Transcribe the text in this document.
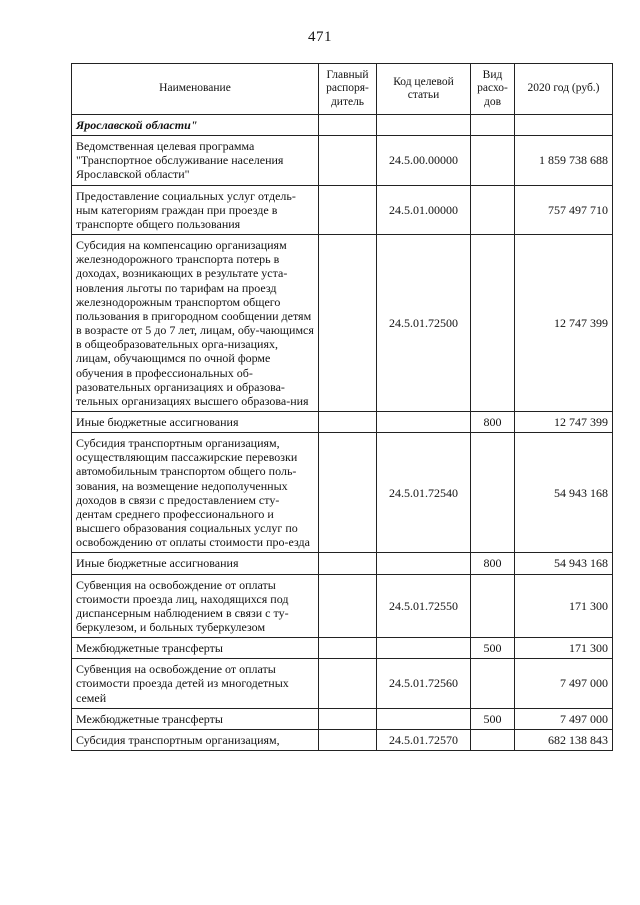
471
Наименование	Главный распоря-дитель	Код целевой статьи	Вид расхо-дов	2020 год (руб.)
Ярославской области"				
Ведомственная целевая программа "Транспортное обслуживание населения Ярославской области"		24.5.00.00000		1 859 738 688
Предоставление социальных услуг отдель-ным категориям граждан при проезде в транспорте общего пользования		24.5.01.00000		757 497 710
Субсидия на компенсацию организациям железнодорожного транспорта потерь в доходах, возникающих в результате уста-новления льготы по тарифам на проезд железнодорожным транспортом общего пользования в пригородном сообщении детям в возрасте от 5 до 7 лет, лицам, обу-чающимся в общеобразовательных орга-низациях, лицам, обучающимся по очной форме обучения в профессиональных об-разовательных организациях и образова-тельных организациях высшего образова-ния		24.5.01.72500		12 747 399
Иные бюджетные ассигнования			800	12 747 399
Субсидия транспортным организациям, осуществляющим пассажирские перевозки автомобильным транспортом общего поль-зования, на возмещение недополученных доходов в связи с предоставлением сту-дентам среднего профессионального и высшего образования социальных услуг по освобождению от оплаты стоимости про-езда		24.5.01.72540		54 943 168
Иные бюджетные ассигнования			800	54 943 168
Субвенция на освобождение от оплаты стоимости проезда лиц, находящихся под диспансерным наблюдением в связи с ту-беркулезом, и больных туберкулезом		24.5.01.72550		171 300
Межбюджетные трансферты			500	171 300
Субвенция на освобождение от оплаты стоимости проезда детей из многодетных семей		24.5.01.72560		7 497 000
Межбюджетные трансферты			500	7 497 000
Субсидия транспортным организациям,		24.5.01.72570		682 138 843
